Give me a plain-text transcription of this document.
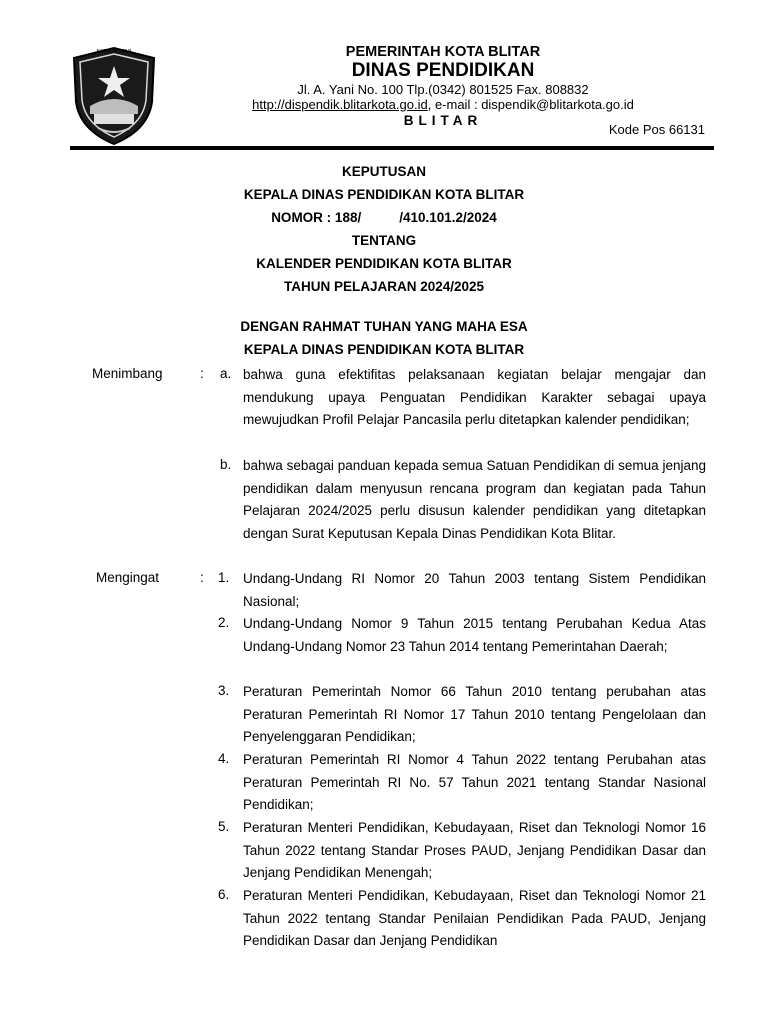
KOTA BLITAR	PEMERINTAH KOTA BLITAR
DINAS PENDIDIKAN
Jl. A. Yani No. 100 Tlp.(0342) 801525 Fax. 808832
http://dispendik.blitarkota.go.id, e-mail : dispendik@blitarkota.go.id
BLITAR
Kode Pos 66131
KEPUTUSAN
KEPALA DINAS PENDIDIKAN KOTA BLITAR
NOMOR : 188/	/410.101.2/2024
TENTANG
KALENDER PENDIDIKAN KOTA BLITAR
TAHUN PELAJARAN 2024/2025
DENGAN RAHMAT TUHAN YANG MAHA ESA
KEPALA DINAS PENDIDIKAN KOTA BLITAR
Menimbang	: a. bahwa guna efektifitas pelaksanaan kegiatan belajar mengajar dan mendukung upaya Penguatan Pendidikan Karakter sebagai upaya mewujudkan Profil Pelajar Pancasila perlu ditetapkan kalender pendidikan;
b. bahwa sebagai panduan kepada semua Satuan Pendidikan di semua jenjang pendidikan dalam menyusun rencana program dan kegiatan pada Tahun Pelajaran 2024/2025 perlu disusun kalender pendidikan yang ditetapkan dengan Surat Keputusan Kepala Dinas Pendidikan Kota Blitar.
Mengingat	: 1. Undang-Undang RI Nomor 20 Tahun 2003 tentang Sistem Pendidikan Nasional;
2. Undang-Undang Nomor 9 Tahun 2015 tentang Perubahan Kedua Atas Undang-Undang Nomor 23 Tahun 2014 tentang Pemerintahan Daerah;
3. Peraturan Pemerintah Nomor 66 Tahun 2010 tentang perubahan atas Peraturan Pemerintah RI Nomor 17 Tahun 2010 tentang Pengelolaan dan Penyelenggaran Pendidikan;
4. Peraturan Pemerintah RI Nomor 4 Tahun 2022 tentang Perubahan atas Peraturan Pemerintah RI No. 57 Tahun 2021 tentang Standar Nasional Pendidikan;
5. Peraturan Menteri Pendidikan, Kebudayaan, Riset dan Teknologi Nomor 16 Tahun 2022 tentang Standar Proses PAUD, Jenjang Pendidikan Dasar dan Jenjang Pendidikan Menengah;
6. Peraturan Menteri Pendidikan, Kebudayaan, Riset dan Teknologi Nomor 21 Tahun 2022 tentang Standar Penilaian Pendidikan Pada PAUD, Jenjang Pendidikan Dasar dan Jenjang Pendidikan
